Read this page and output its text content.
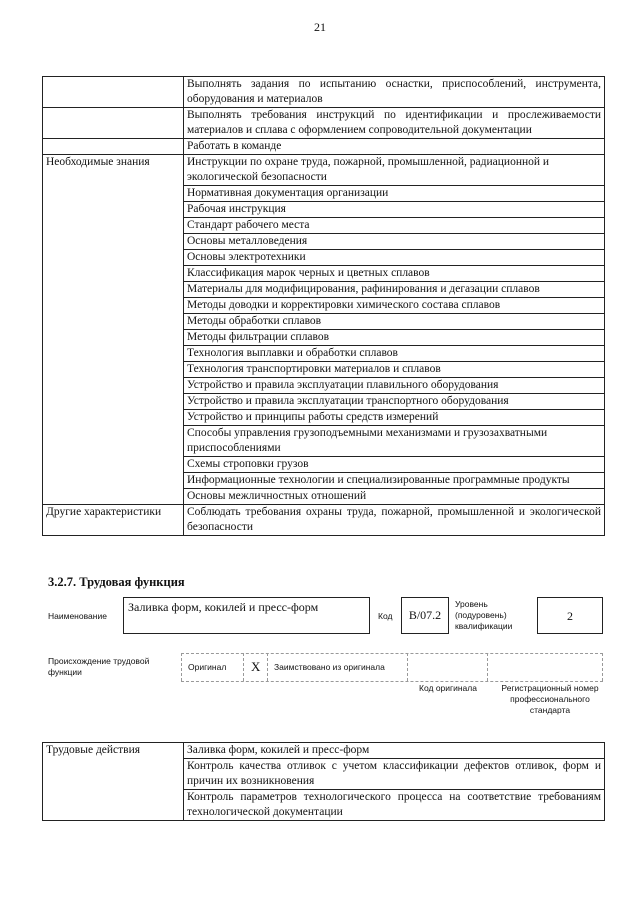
21
	Выполнять задания по испытанию оснастки, приспособлений, инструмента, оборудования и материалов
	Выполнять требования инструкций по идентификации и прослеживаемости материалов и сплава с оформлением сопроводительной документации
	Работать в команде
Необходимые знания	Инструкции по охране труда, пожарной, промышленной, радиационной и экологической безопасности
	Нормативная документация организации
	Рабочая инструкция
	Стандарт рабочего места
	Основы металловедения
	Основы электротехники
	Классификация марок черных и цветных сплавов
	Материалы для модифицирования, рафинирования и дегазации сплавов
	Методы доводки и корректировки химического состава сплавов
	Методы обработки сплавов
	Методы фильтрации сплавов
	Технология выплавки и обработки сплавов
	Технология транспортировки материалов и сплавов
	Устройство и правила эксплуатации плавильного оборудования
	Устройство и правила эксплуатации транспортного оборудования
	Устройство и принципы работы средств измерений
	Способы управления грузоподъемными механизмами и грузозахватными приспособлениями
	Схемы строповки грузов
	Информационные технологии и специализированные программные продукты
	Основы межличностных отношений
Другие характеристики	Соблюдать требования охраны труда, пожарной, промышленной и экологической безопасности
3.2.7. Трудовая функция
Наименование
Заливка форм, кокилей и пресс-форм
Код	B/07.2
Уровень (подуровень) квалификации
2
Происхождение трудовой функции	Оригинал	X	Заимствовано из оригинала
Код оригинала	Регистрационный номер профессионального стандарта
Трудовые действия	Заливка форм, кокилей и пресс-форм
Контроль качества отливок с учетом классификации дефектов отливок, форм и причин их возникновения
Контроль параметров технологического процесса на соответствие требованиям технологической документации
